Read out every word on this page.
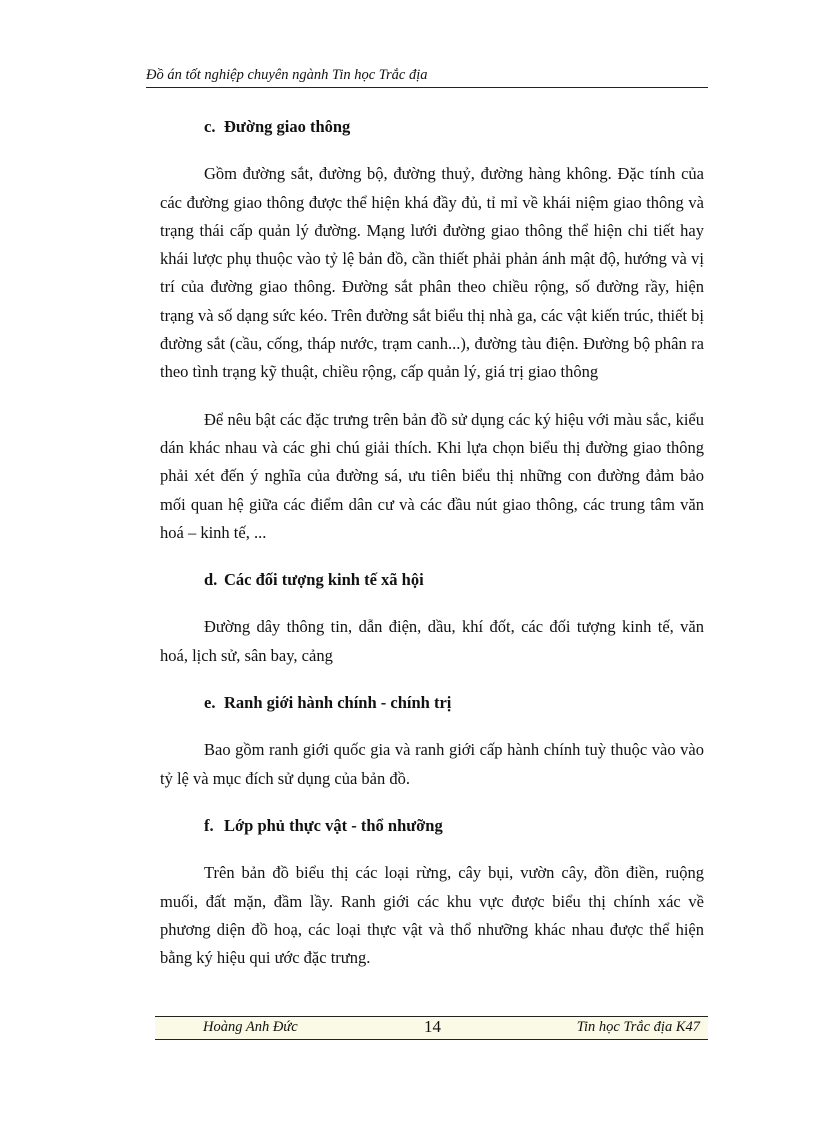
Đồ án tốt nghiệp chuyên ngành Tin học Trắc địa
c. Đường giao thông

Gồm đường sắt, đường bộ, đường thuỷ, đường hàng không. Đặc tính của các đường giao thông được thể hiện khá đầy đủ, tỉ mỉ về khái niệm giao thông và trạng thái cấp quản lý đường. Mạng lưới đường giao thông thể hiện chi tiết hay khái lược phụ thuộc vào tỷ lệ bản đồ, cần thiết phải phản ánh mật độ, hướng và vị trí của đường giao thông. Đường sắt phân theo chiều rộng, số đường rầy, hiện trạng và số dạng sức kéo. Trên đường sắt biểu thị nhà ga, các vật kiến trúc, thiết bị đường sắt (cầu, cống, tháp nước, trạm canh...), đường tàu điện. Đường bộ phân ra theo tình trạng kỹ thuật, chiều rộng, cấp quản lý, giá trị giao thông

Để nêu bật các đặc trưng trên bản đồ sử dụng các ký hiệu với màu sắc, kiểu dán khác nhau và các ghi chú giải thích. Khi lựa chọn biểu thị đường giao thông phải xét đến ý nghĩa của đường sá, ưu tiên biểu thị những con đường đảm bảo mối quan hệ giữa các điểm dân cư và các đầu nút giao thông, các trung tâm văn hoá – kinh tế, ...

d. Các đối tượng kinh tế xã hội

Đường dây thông tin, dẫn điện, dầu, khí đốt, các đối tượng kinh tế, văn hoá, lịch sử, sân bay, cảng

e. Ranh giới hành chính - chính trị

Bao gồm ranh giới quốc gia và ranh giới cấp hành chính tuỳ thuộc vào vào tỷ lệ và mục đích sử dụng của bản đồ.

f. Lớp phủ thực vật - thổ nhưỡng

Trên bản đồ biểu thị các loại rừng, cây bụi, vườn cây, đồn điền, ruộng muối, đất mặn, đầm lầy. Ranh giới các khu vực được biểu thị chính xác về phương diện đồ hoạ, các loại thực vật và thổ nhưỡng khác nhau được thể hiện bằng ký hiệu qui ước đặc trưng.

Hoàng Anh Đức	14	Tin học Trắc địa K47
